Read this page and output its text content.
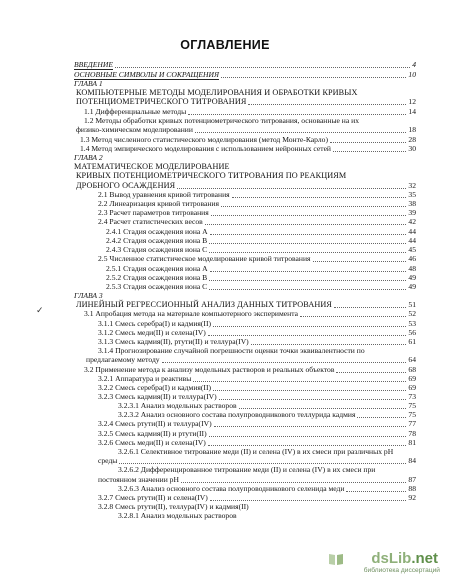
ОГЛАВЛЕНИЕ
ВВЕДЕНИЕ	4
ОСНОВНЫЕ СИМВОЛЫ И СОКРАЩЕНИЯ	10
ГЛАВА 1
КОМПЬЮТЕРНЫЕ МЕТОДЫ МОДЕЛИРОВАНИЯ И ОБРАБОТКИ КРИВЫХ
ПОТЕНЦИОМЕТРИЧЕСКОГО ТИТРОВАНИЯ	12
1.1 Дифференциальные методы	14
1.2 Методы обработки кривых потенциометрического титрования, основанные на их
физико-химическом моделировании	18
1.3 Метод численного статистического моделирования (метод Монте-Карло)	28
1.4 Метод эмпирического моделирования с использованием нейронных сетей	30
ГЛАВА 2
МАТЕМАТИЧЕСКОЕ МОДЕЛИРОВАНИЕ
КРИВЫХ ПОТЕНЦИОМЕТРИЧЕСКОГО ТИТРОВАНИЯ ПО РЕАКЦИЯМ
ДРОБНОГО ОСАЖДЕНИЯ	32
2.1 Вывод уравнения кривой титрования	35
2.2 Линеаризация кривой титрования	38
2.3 Расчет параметров титрования	39
2.4 Расчет статистических весов	42
2.4.1 Стадия осаждения иона А	44
2.4.2 Стадия осаждения иона В	44
2.4.3 Стадия осаждения иона С	45
2.5 Численное статистическое моделирование кривой титрования	46
2.5.1 Стадия осаждения иона А	48
2.5.2 Стадия осаждения иона В	49
2.5.3 Стадия осаждения иона С	49
ГЛАВА 3
ЛИНЕЙНЫЙ РЕГРЕССИОННЫЙ АНАЛИЗ ДАННЫХ ТИТРОВАНИЯ	51
3.1 Апробация метода на материале компьютерного эксперимента	52
3.1.1 Смесь серебра(I) и кадмия(II)	53
3.1.2 Смесь меди(II) и селена(IV)	56
3.1.3 Смесь кадмия(II), ртути(II) и теллура(IV)	61
3.1.4 Прогнозирование случайной погрешности оценки точки эквивалентности по
предлагаемому методу	64
3.2 Применение метода к анализу модельных растворов и реальных объектов	68
3.2.1 Аппаратура и реактивы	69
3.2.2 Смесь серебра(I) и кадмия(II)	69
3.2.3 Смесь кадмия(II) и теллура(IV)	73
3.2.3.1 Анализ модельных растворов	75
3.2.3.2 Анализ основного состава полупроводникового теллурида кадмия	75
3.2.4 Смесь ртути(II) и теллура(IV)	77
3.2.5 Смесь кадмия(II) и ртути(II)	78
3.2.6 Смесь меди(II) и селена(IV)	81
3.2.6.1 Селективное титрование меди (II) и селена (IV) в их смеси при различных рН
среды	84
3.2.6.2 Дифференцированное титрование меди (II) и селена (IV) в их смеси при
постоянном значении рН	87
3.2.6.3 Анализ основного состава полупроводникового селенида меди	88
3.2.7 Смесь ртути(II) и селена(IV)	92
3.2.8 Смесь ртути(II), теллура(IV) и кадмия(II)
3.2.8.1 Анализ модельных растворов
✓
dsLib.net
библиотека диссертаций
